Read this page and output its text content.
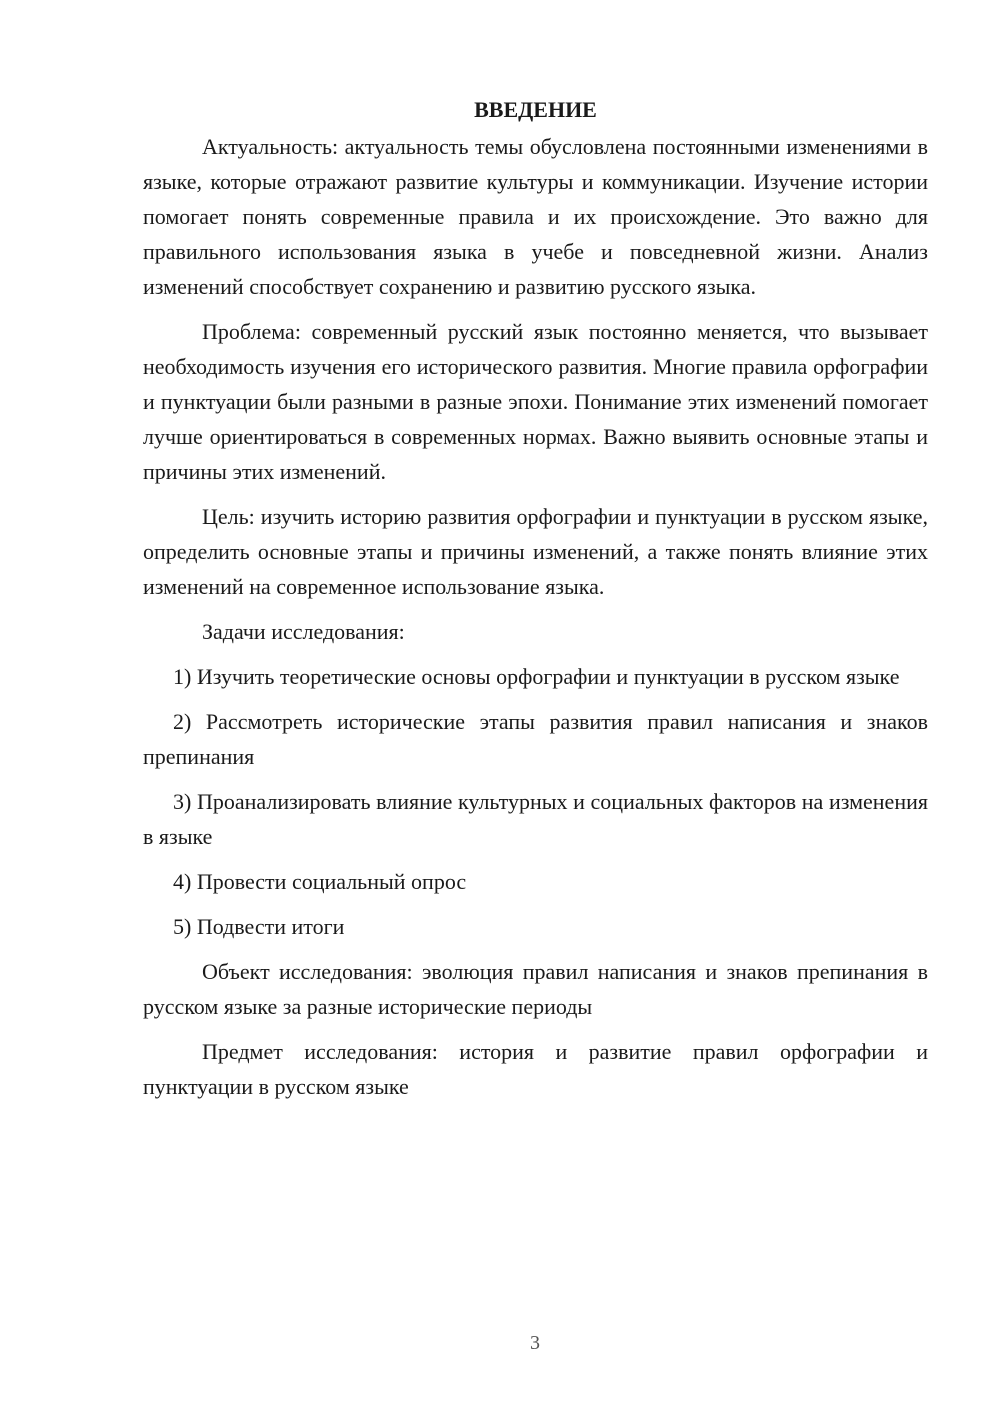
ВВЕДЕНИЕ

Актуальность: актуальность темы обусловлена постоянными изменениями в языке, которые отражают развитие культуры и коммуникации. Изучение истории помогает понять современные правила и их происхождение. Это важно для правильного использования языка в учебе и повседневной жизни. Анализ изменений способствует сохранению и развитию русского языка.

Проблема: современный русский язык постоянно меняется, что вызывает необходимость изучения его исторического развития. Многие правила орфографии и пунктуации были разными в разные эпохи. Понимание этих изменений помогает лучше ориентироваться в современных нормах. Важно выявить основные этапы и причины этих изменений.

Цель: изучить историю развития орфографии и пунктуации в русском языке, определить основные этапы и причины изменений, а также понять влияние этих изменений на современное использование языка.

Задачи исследования:

1) Изучить теоретические основы орфографии и пунктуации в русском языке

2) Рассмотреть исторические этапы развития правил написания и знаков препинания

3) Проанализировать влияние культурных и социальных факторов на изменения в языке

4) Провести социальный опрос

5) Подвести итоги

Объект исследования: эволюция правил написания и знаков препинания в русском языке за разные исторические периоды

Предмет исследования: история и развитие правил орфографии и пунктуации в русском языке

3
